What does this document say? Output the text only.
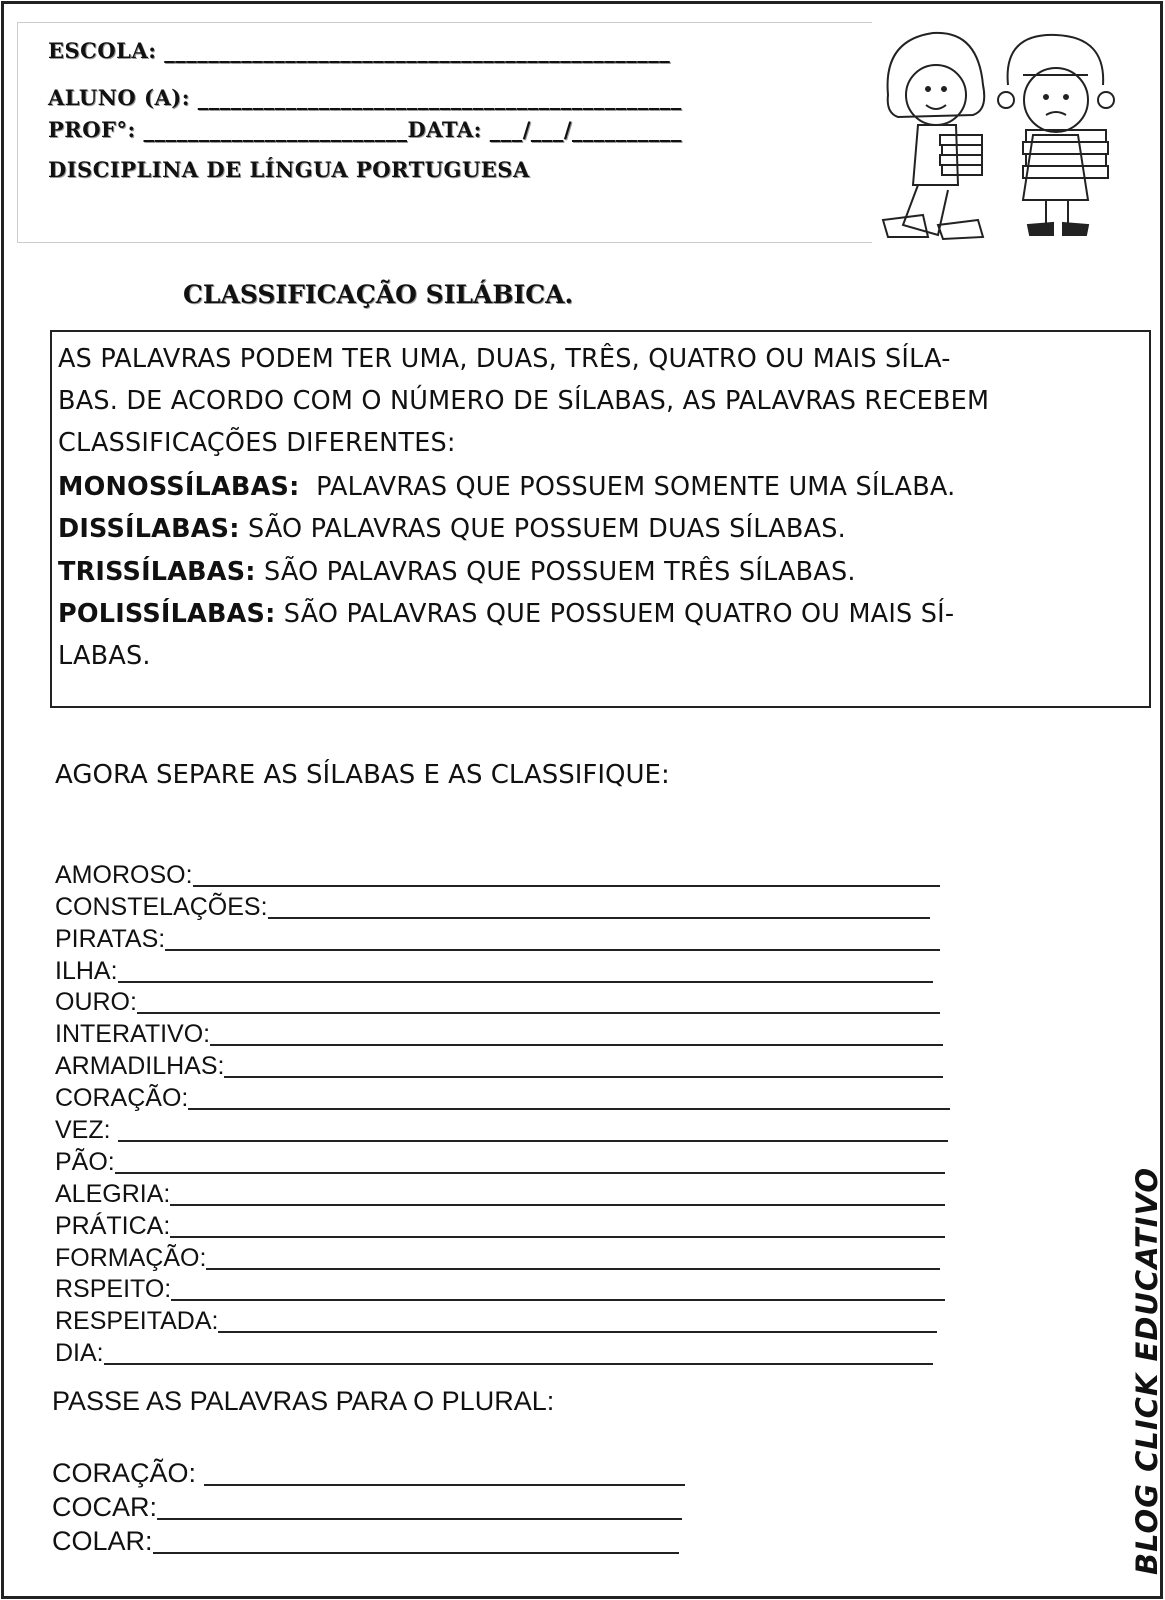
ESCOLA: ______________________________________________
ALUNO (A): ____________________________________________
PROF°: ________________________DATA: ___/___/__________
DISCIPLINA DE LÍNGUA PORTUGUESA
CLASSIFICAÇÃO SILÁBICA.
AS PALAVRAS PODEM TER UMA, DUAS, TRÊS, QUATRO OU MAIS SÍLA-
BAS. DE ACORDO COM O NÚMERO DE SÍLABAS, AS PALAVRAS RECEBEM
CLASSIFICAÇÕES DIFERENTES:
MONOSSÍLABAS:  PALAVRAS QUE POSSUEM SOMENTE UMA SÍLABA.
DISSÍLABAS: SÃO PALAVRAS QUE POSSUEM DUAS SÍLABAS.
TRISSÍLABAS: SÃO PALAVRAS QUE POSSUEM TRÊS SÍLABAS.
POLISSÍLABAS: SÃO PALAVRAS QUE POSSUEM QUATRO OU MAIS SÍ-
LABAS.
AGORA SEPARE AS SÍLABAS E AS CLASSIFIQUE:
AMOROSO:
CONSTELAÇÕES:
PIRATAS:
ILHA:
OURO:
INTERATIVO:
ARMADILHAS:
CORAÇÃO:
VEZ:
PÃO:
ALEGRIA:
PRÁTICA:
FORMAÇÃO:
RSPEITO:
RESPEITADA:
DIA:
PASSE AS PALAVRAS PARA O PLURAL:
CORAÇÃO:
COCAR:
COLAR:	BLOG CLICK EDUCATIVO
